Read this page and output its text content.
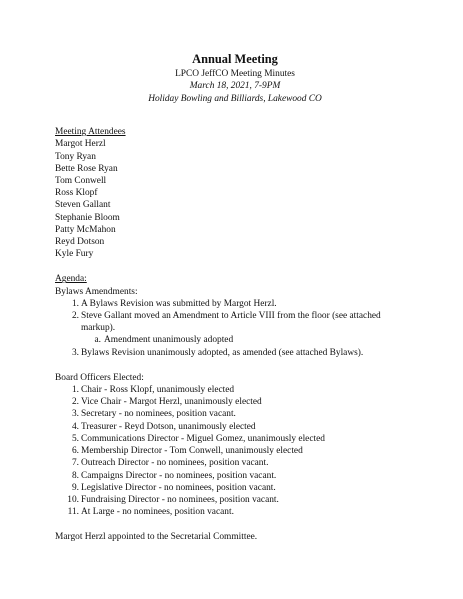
Annual Meeting
LPCO JeffCO Meeting Minutes
March 18, 2021, 7-9PM
Holiday Bowling and Billiards, Lakewood CO
Meeting Attendees
Margot Herzl
Tony Ryan
Bette Rose Ryan
Tom Conwell
Ross Klopf
Steven Gallant
Stephanie Bloom
Patty McMahon
Reyd Dotson
Kyle Fury
Agenda:
Bylaws Amendments:
1. A Bylaws Revision was submitted by Margot Herzl.
2. Steve Gallant moved an Amendment to Article VIII from the floor (see attached markup).
a. Amendment unanimously adopted
3. Bylaws Revision unanimously adopted, as amended (see attached Bylaws).
Board Officers Elected:
1. Chair - Ross Klopf, unanimously elected
2. Vice Chair - Margot Herzl, unanimously elected
3. Secretary - no nominees, position vacant.
4. Treasurer - Reyd Dotson, unanimously elected
5. Communications Director - Miguel Gomez, unanimously elected
6. Membership Director - Tom Conwell, unanimously elected
7. Outreach Director - no nominees, position vacant.
8. Campaigns Director - no nominees, position vacant.
9. Legislative Director - no nominees, position vacant.
10. Fundraising Director - no nominees, position vacant.
11. At Large - no nominees, position vacant.
Margot Herzl appointed to the Secretarial Committee.
